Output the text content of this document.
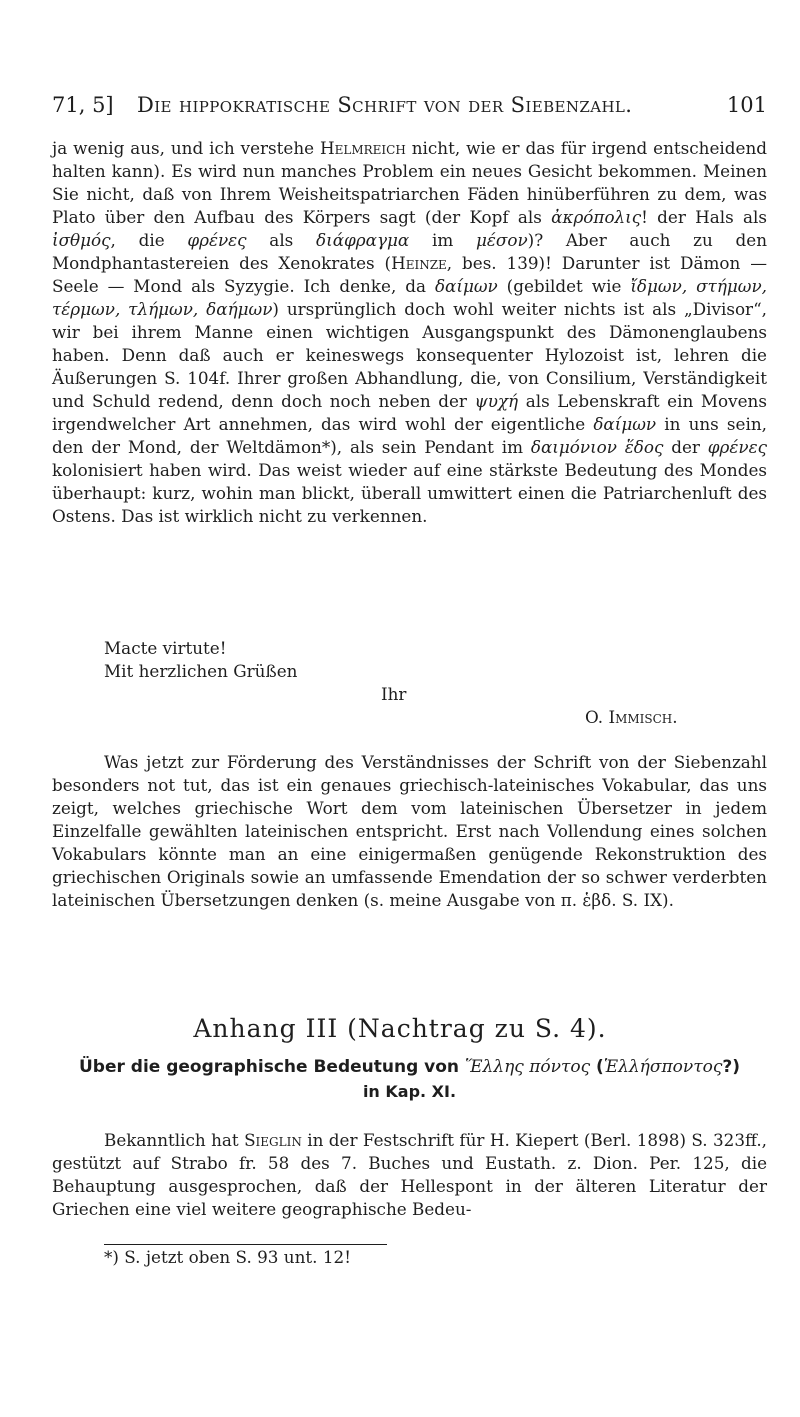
71, 5] Die hippokratische Schrift von der Siebenzahl.	101

ja wenig aus, und ich verstehe Helmreich nicht, wie er das für irgend entscheidend halten kann). Es wird nun manches Problem ein neues Gesicht bekommen. Meinen Sie nicht, daß von Ihrem Weisheitspatriarchen Fäden hinüberführen zu dem, was Plato über den Aufbau des Körpers sagt (der Kopf als ἀκρόπολις! der Hals als ἰσθμός, die φρένες als διάφραγμα im μέσον)? Aber auch zu den Mondphantastereien des Xenokrates (Heinze, bes. 139)! Darunter ist Dämon — Seele — Mond als Syzygie. Ich denke, da δαίμων (gebildet wie ἴδμων, στήμων, τέρμων, τλήμων, δαήμων) ursprünglich doch wohl weiter nichts ist als „Divisor“, wir bei ihrem Manne einen wichtigen Ausgangspunkt des Dämonenglaubens haben. Denn daß auch er keineswegs konsequenter Hylozoist ist, lehren die Äußerungen S. 104f. Ihrer großen Abhandlung, die, von Consilium, Verständigkeit und Schuld redend, denn doch noch neben der ψυχή als Lebenskraft ein Movens irgendwelcher Art annehmen, das wird wohl der eigentliche δαίμων in uns sein, den der Mond, der Weltdämon*), als sein Pendant im δαιμόνιον ἕδος der φρένες kolonisiert haben wird. Das weist wieder auf eine stärkste Bedeutung des Mondes überhaupt: kurz, wohin man blickt, überall umwittert einen die Patriarchenluft des Ostens. Das ist wirklich nicht zu verkennen.

Macte virtute!
Mit herzlichen Grüßen
Ihr
O. Immisch.

Was jetzt zur Förderung des Verständnisses der Schrift von der Siebenzahl besonders not tut, das ist ein genaues griechisch-lateinisches Vokabular, das uns zeigt, welches griechische Wort dem vom lateinischen Übersetzer in jedem Einzelfalle gewählten lateinischen entspricht. Erst nach Vollendung eines solchen Vokabulars könnte man an eine einigermaßen genügende Rekonstruktion des griechischen Originals sowie an umfassende Emendation der so schwer verderbten lateinischen Übersetzungen denken (s. meine Ausgabe von π. ἑβδ. S. IX).

Anhang III (Nachtrag zu S. 4).
Über die geographische Bedeutung von Ἕλλης πόντος (Ἑλλήσποντος?)
in Kap. XI.

Bekanntlich hat Sieglin in der Festschrift für H. Kiepert (Berl. 1898) S. 323ff., gestützt auf Strabo fr. 58 des 7. Buches und Eustath. z. Dion. Per. 125, die Behauptung ausgesprochen, daß der Hellespont in der älteren Literatur der Griechen eine viel weitere geographische Bedeu-

*) S. jetzt oben S. 93 unt. 12!
